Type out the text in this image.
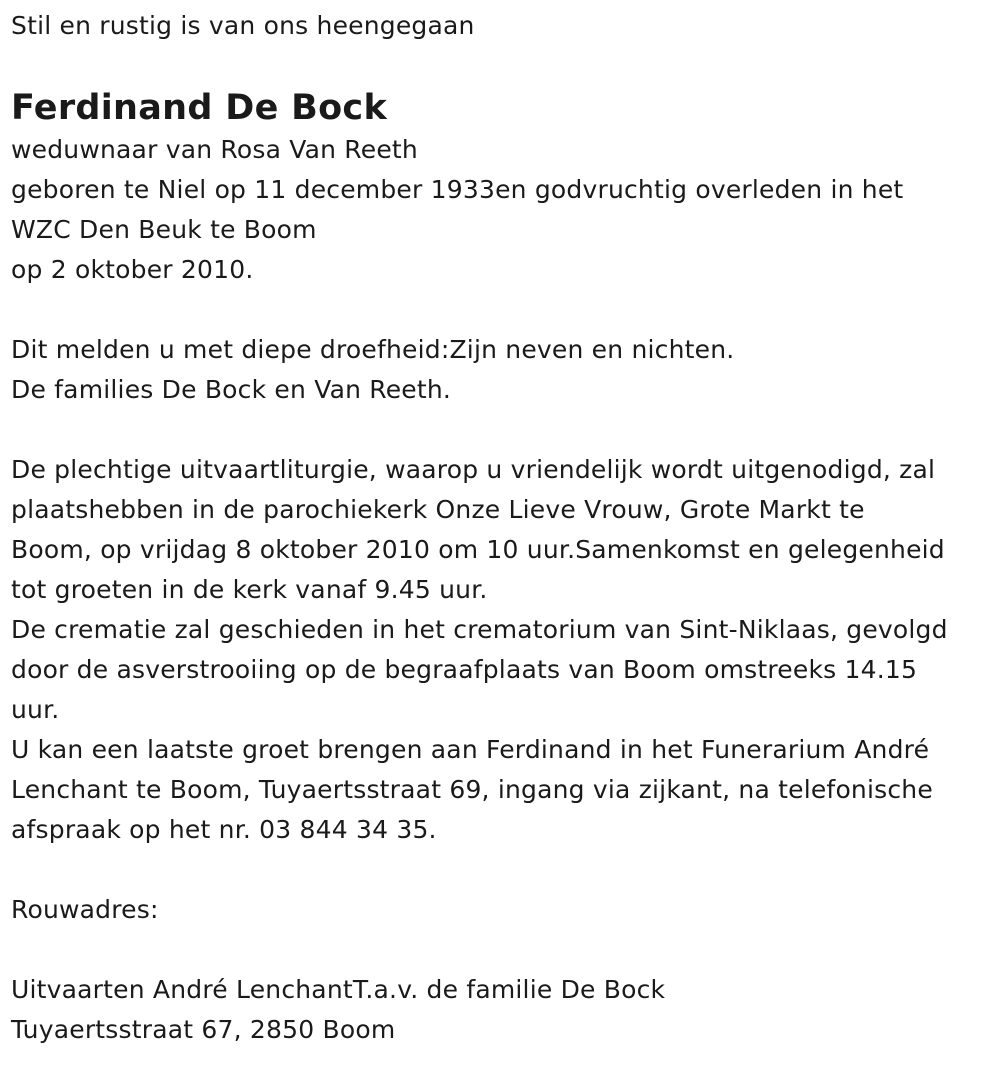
Stil en rustig is van ons heengegaan
Ferdinand De Bock
weduwnaar van Rosa Van Reeth
geboren te Niel op 11 december 1933en godvruchtig overleden in het
WZC Den Beuk te Boom
op 2 oktober 2010.
Dit melden u met diepe droefheid:Zijn neven en nichten.
De families De Bock en Van Reeth.
De plechtige uitvaartliturgie, waarop u vriendelijk wordt uitgenodigd, zal
plaatshebben in de parochiekerk Onze Lieve Vrouw, Grote Markt te
Boom, op vrijdag 8 oktober 2010 om 10 uur.Samenkomst en gelegenheid
tot groeten in de kerk vanaf 9.45 uur.
De crematie zal geschieden in het crematorium van Sint-Niklaas, gevolgd
door de asverstrooiing op de begraafplaats van Boom omstreeks 14.15
uur.
U kan een laatste groet brengen aan Ferdinand in het Funerarium André
Lenchant te Boom, Tuyaertsstraat 69, ingang via zijkant, na telefonische
afspraak op het nr. 03 844 34 35.
Rouwadres:
Uitvaarten André LenchantT.a.v. de familie De Bock
Tuyaertsstraat 67, 2850 Boom
